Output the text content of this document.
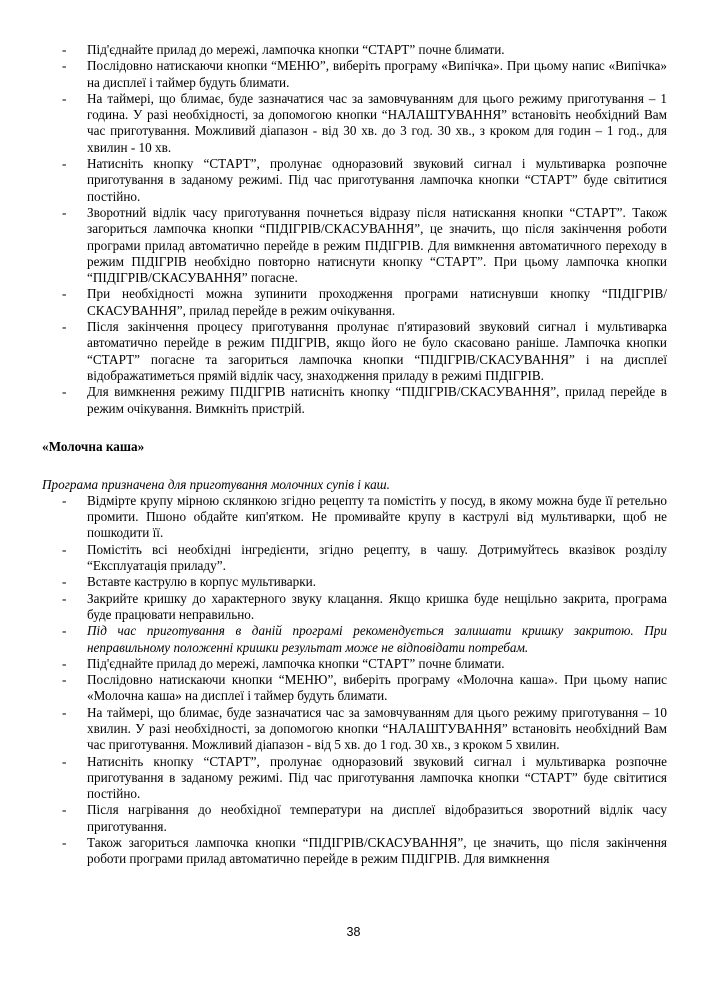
- Під'єднайте прилад до мережі, лампочка кнопки “СТАРТ” почне блимати.
- Послідовно натискаючи кнопки “МЕНЮ”, виберіть програму «Випічка». При цьому напис «Випічка» на дисплеї і таймер будуть блимати.
- На таймері, що блимає, буде зазначатися час за замовчуванням для цього режиму приготування – 1 година. У разі необхідності, за допомогою кнопки “НАЛАШТУВАННЯ” встановіть необхідний Вам час приготування. Можливий діапазон - від 30 хв. до 3 год. 30 хв., з кроком для годин – 1 год., для хвилин - 10 хв.
- Натисніть кнопку “СТАРТ”, пролунає одноразовий звуковий сигнал і мультиварка розпочне приготування в заданому режимі. Під час приготування лампочка кнопки “СТАРТ” буде світитися постійно.
- Зворотний відлік часу приготування почнеться відразу після натискання кнопки “СТАРТ”. Також загориться лампочка кнопки “ПІДІГРІВ/СКАСУВАННЯ”, це значить, що після закінчення роботи програми прилад автоматично перейде в режим ПІДІГРІВ. Для вимкнення автоматичного переходу в режим ПІДІГРІВ необхідно повторно натиснути кнопку “СТАРТ”. При цьому лампочка кнопки “ПІДІГРІВ/СКАСУВАННЯ” погасне.
- При необхідності можна зупинити проходження програми натиснувши кнопку “ПІДІГРІВ/СКАСУВАННЯ”, прилад перейде в режим очікування.
- Після закінчення процесу приготування пролунає п'ятиразовий звуковий сигнал і мультиварка автоматично перейде в режим ПІДІГРІВ, якщо його не було скасовано раніше. Лампочка кнопки “СТАРТ” погасне та загориться лампочка кнопки “ПІДІГРІВ/СКАСУВАННЯ” і на дисплеї відображатиметься прямій відлік часу, знаходження приладу в режимі ПІДІГРІВ.
- Для вимкнення режиму ПІДІГРІВ натисніть кнопку “ПІДІГРІВ/СКАСУВАННЯ”, прилад перейде в режим очікування. Вимкніть пристрій.
«Молочна каша»
Програма призначена для приготування молочних супів і каш.
- Відмірте крупу мірною склянкою згідно рецепту та помістіть у посуд, в якому можна буде її ретельно промити. Пшоно обдайте кип'ятком. Не промивайте крупу в каструлі від мультиварки, щоб не пошкодити її.
- Помістіть всі необхідні інгредієнти, згідно рецепту, в чашу. Дотримуйтесь вказівок розділу “Експлуатація приладу”.
- Вставте каструлю в корпус мультиварки.
- Закрийте кришку до характерного звуку клацання. Якщо кришка буде нещільно закрита, програма буде працювати неправильно.
- Під час приготування в даній програмі рекомендується залишати кришку закритою. При неправильному положенні кришки результат може не відповідати потребам.
- Під'єднайте прилад до мережі, лампочка кнопки “СТАРТ” почне блимати.
- Послідовно натискаючи кнопки “МЕНЮ”, виберіть програму «Молочна каша». При цьому напис «Молочна каша» на дисплеї і таймер будуть блимати.
- На таймері, що блимає, буде зазначатися час за замовчуванням для цього режиму приготування – 10 хвилин. У разі необхідності, за допомогою кнопки “НАЛАШТУВАННЯ” встановіть необхідний Вам час приготування. Можливий діапазон - від 5 хв. до 1 год. 30 хв., з кроком 5 хвилин.
- Натисніть кнопку “СТАРТ”, пролунає одноразовий звуковий сигнал і мультиварка розпочне приготування в заданому режимі. Під час приготування лампочка кнопки “СТАРТ” буде світитися постійно.
- Після нагрівання до необхідної температури на дисплеї відобразиться зворотний відлік часу приготування.
- Також загориться лампочка кнопки “ПІДІГРІВ/СКАСУВАННЯ”, це значить, що після закінчення роботи програми прилад автоматично перейде в режим ПІДІГРІВ. Для вимкнення
38
